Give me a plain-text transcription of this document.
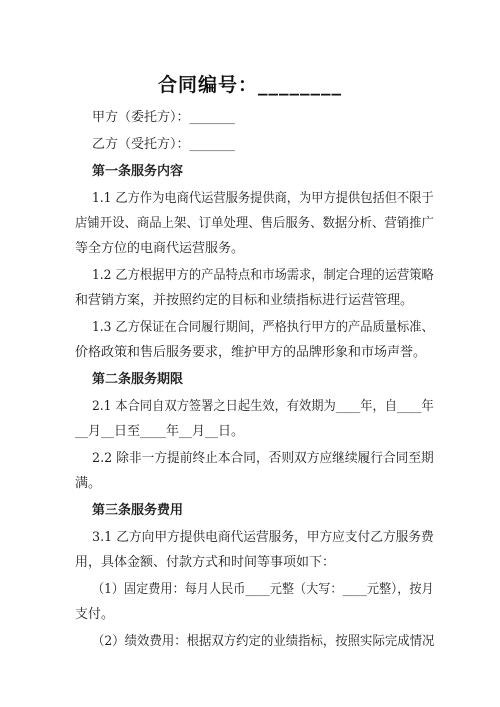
合同编号：________
甲方（委托方）：_______
乙方（受托方）：_______
第一条服务内容
1.1 乙方作为电商代运营服务提供商，为甲方提供包括但不限于
店铺开设、商品上架、订单处理、售后服务、数据分析、营销推广
等全方位的电商代运营服务。
1.2 乙方根据甲方的产品特点和市场需求，制定合理的运营策略
和营销方案，并按照约定的目标和业绩指标进行运营管理。
1.3 乙方保证在合同履行期间，严格执行甲方的产品质量标准、
价格政策和售后服务要求，维护甲方的品牌形象和市场声誉。
第二条服务期限
2.1 本合同自双方签署之日起生效，有效期为____年，自____年
__月__日至____年__月__日。
2.2 除非一方提前终止本合同，否则双方应继续履行合同至期
满。
第三条服务费用
3.1 乙方向甲方提供电商代运营服务，甲方应支付乙方服务费
用，具体金额、付款方式和时间等事项如下：
（1）固定费用：每月人民币____元整（大写：____元整），按月
支付。
（2）绩效费用：根据双方约定的业绩指标，按照实际完成情况
